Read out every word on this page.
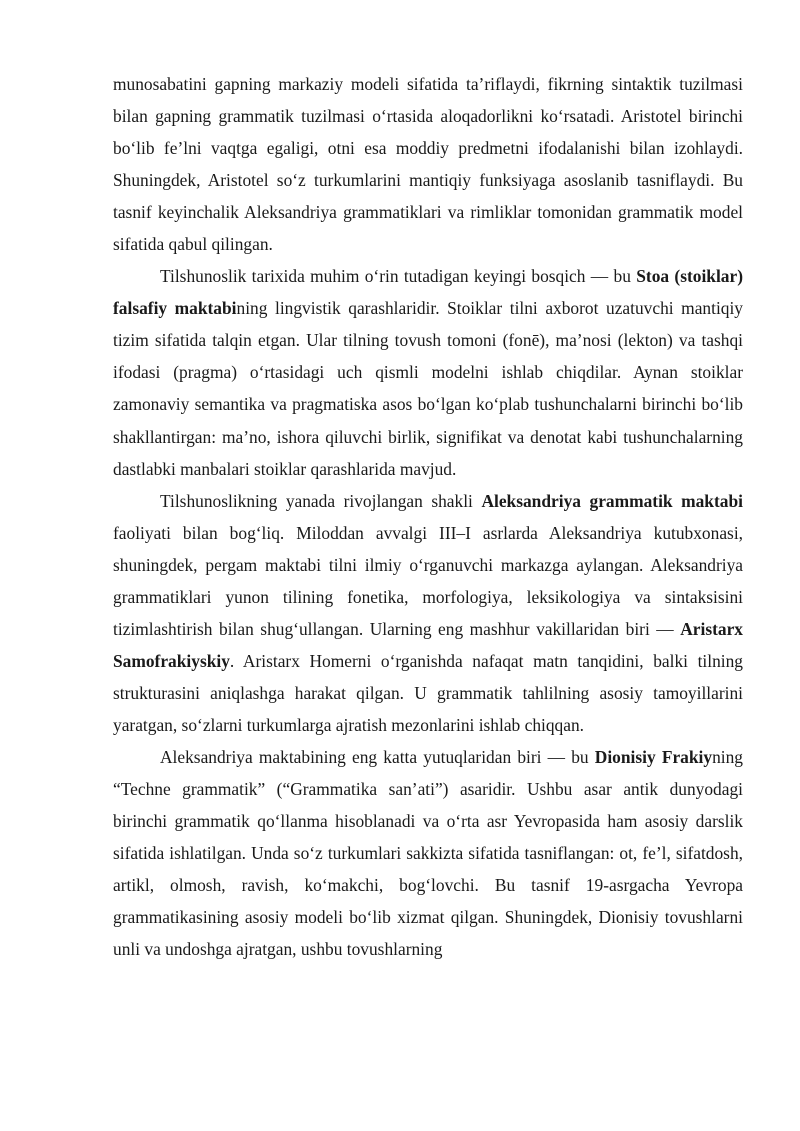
munosabatini gapning markaziy modeli sifatida ta’riflaydi, fikrning sintaktik tuzilmasi bilan gapning grammatik tuzilmasi o‘rtasida aloqadorlikni ko‘rsatadi. Aristotel birinchi bo‘lib fe’lni vaqtga egaligi, otni esa moddiy predmetni ifodalanishi bilan izohlaydi. Shuningdek, Aristotel so‘z turkumlarini mantiqiy funksiyaga asoslanib tasniflaydi. Bu tasnif keyinchalik Aleksandriya grammatiklari va rimliklar tomonidan grammatik model sifatida qabul qilingan.

Tilshunoslik tarixida muhim o‘rin tutadigan keyingi bosqich — bu Stoa (stoiklar) falsafiy maktabining lingvistik qarashlaridir. Stoiklar tilni axborot uzatuvchi mantiqiy tizim sifatida talqin etgan. Ular tilning tovush tomoni (fonē), ma’nosi (lekton) va tashqi ifodasi (pragma) o‘rtasidagi uch qismli modelni ishlab chiqdilar. Aynan stoiklar zamonaviy semantika va pragmatiska asos bo‘lgan ko‘plab tushunchalarni birinchi bo‘lib shakllantirgan: ma’no, ishora qiluvchi birlik, signifikat va denotat kabi tushunchalarning dastlabki manbalari stoiklar qarashlarida mavjud.

Tilshunoslikning yanada rivojlangan shakli Aleksandriya grammatik maktabi faoliyati bilan bog‘liq. Miloddan avvalgi III–I asrlarda Aleksandriya kutubxonasi, shuningdek, pergam maktabi tilni ilmiy o‘rganuvchi markazga aylangan. Aleksandriya grammatiklari yunon tilining fonetika, morfologiya, leksikologiya va sintaksisini tizimlashtirish bilan shug‘ullangan. Ularning eng mashhur vakillaridan biri — Aristarx Samofrakiyskiy. Aristarx Homerni o‘rganishda nafaqat matn tanqidini, balki tilning strukturasini aniqlashga harakat qilgan. U grammatik tahlilning asosiy tamoyillarini yaratgan, so‘zlarni turkumlarga ajratish mezonlarini ishlab chiqqan.

Aleksandriya maktabining eng katta yutuqlaridan biri — bu Dionisiy Frakiyning “Techne grammatik” (“Grammatika san’ati”) asaridir. Ushbu asar antik dunyodagi birinchi grammatik qo‘llanma hisoblanadi va o‘rta asr Yevropasida ham asosiy darslik sifatida ishlatilgan. Unda so‘z turkumlari sakkizta sifatida tasniflangan: ot, fe’l, sifatdosh, artikl, olmosh, ravish, ko‘makchi, bog‘lovchi. Bu tasnif 19-asrgacha Yevropa grammatikasining asosiy modeli bo‘lib xizmat qilgan. Shuningdek, Dionisiy tovushlarni unli va undoshga ajratgan, ushbu tovushlarning
